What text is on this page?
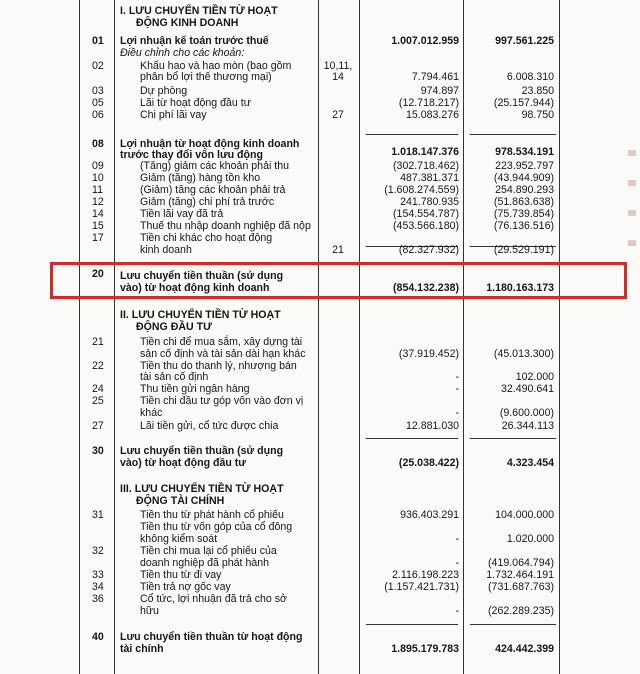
I. LƯU CHUYỂN TIỀN TỪ HOẠT
ĐỘNG KINH DOANH
01	Lợi nhuận kế toán trước thuế	1.007.012.959	997.561.225
Điều chỉnh cho các khoản:
02	Khấu hao và hao mòn (bao gồm
phân bổ lợi thế thương mại)
10,11,
14	7.794.461	6.008.310
03	Dự phòng	974.897	23.850
05	Lãi từ hoạt động đầu tư	(12.718.217)	(25.157.944)
06	Chi phí lãi vay	27	15.083.276	98.750
08	Lợi nhuận từ hoạt động kinh doanh
trước thay đổi vốn lưu động	1.018.147.376	978.534.191
09	(Tăng) giảm các khoản phải thu	(302.718.462)	223.952.797
10	Giảm (tăng) hàng tồn kho	487.381.371	(43.944.909)
11	(Giảm) tăng các khoản phải trả	(1.608.274.559)	254.890.293
12	Giảm (tăng) chi phí trả trước	241.780.935	(51.863.638)
14	Tiền lãi vay đã trả	(154.554.787)	(75.739.854)
15	Thuế thu nhập doanh nghiệp đã nộp	(453.566.180)	(76.136.516)
17	Tiền chi khác cho hoạt động
kinh doanh	21	(82.327.932)	(29.529.191)
20	Lưu chuyển tiền thuần (sử dụng
vào) từ hoạt động kinh doanh	(854.132.238)	1.180.163.173
II. LƯU CHUYỂN TIỀN TỪ HOẠT
ĐỘNG ĐẦU TƯ
21	Tiền chi để mua sắm, xây dựng tài
sản cố định và tài sản dài hạn khác	(37.919.452)	(45.013.300)
22	Tiền thu do thanh lý, nhượng bán
tài sản cố định	-	102.000
24	Thu tiền gửi ngân hàng	-	32.490.641
25	Tiền chi đầu tư góp vốn vào đơn vị
khác	-	(9.600.000)
27	Lãi tiền gửi, cổ tức được chia	12.881.030	26.344.113
30	Lưu chuyển tiền thuần (sử dụng
vào) từ hoạt động đầu tư	(25.038.422)	4.323.454
III. LƯU CHUYỂN TIỀN TỪ HOẠT
ĐỘNG TÀI CHÍNH
31	Tiền thu từ phát hành cổ phiếu	936.403.291	104.000.000
Tiền thu từ vốn góp của cổ đông
không kiểm soát	-	1.020.000
32	Tiền chi mua lại cổ phiếu của
doanh nghiệp đã phát hành	-	(419.064.794)
33	Tiền thu từ đi vay	2.116.198.223	1.732.464.191
34	Tiền trả nợ gốc vay	(1.157.421.731)	(731.687.763)
36	Cổ tức, lợi nhuận đã trả cho sở
hữu	-	(262.289.235)
40	Lưu chuyển tiền thuần từ hoạt động
tài chính	1.895.179.783	424.442.399
